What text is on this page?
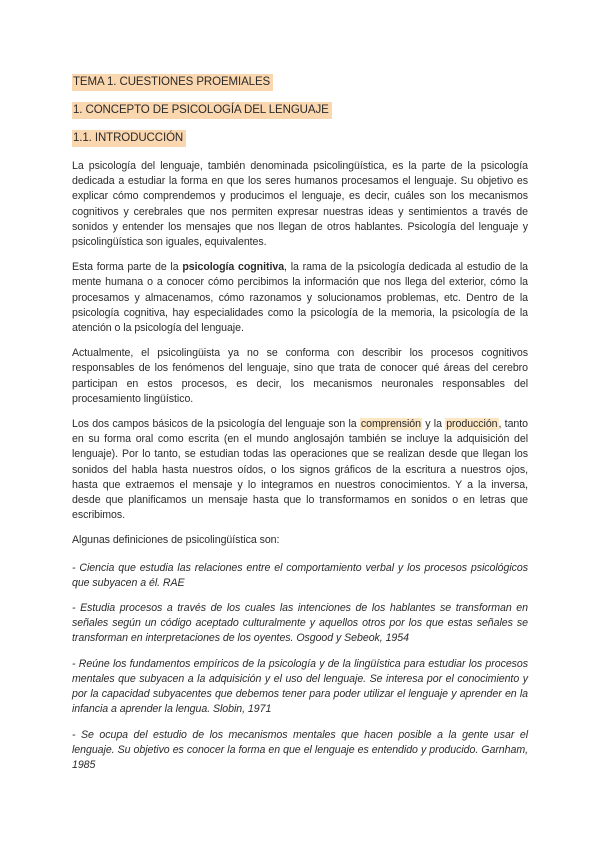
TEMA 1. CUESTIONES PROEMIALES
1. CONCEPTO DE PSICOLOGÍA DEL LENGUAJE
1.1. INTRODUCCIÓN

La psicología del lenguaje, también denominada psicolingüística, es la parte de la psicología dedicada a estudiar la forma en que los seres humanos procesamos el lenguaje. Su objetivo es explicar cómo comprendemos y producimos el lenguaje, es decir, cuáles son los mecanismos cognitivos y cerebrales que nos permiten expresar nuestras ideas y sentimientos a través de sonidos y entender los mensajes que nos llegan de otros hablantes. Psicología del lenguaje y psicolingüística son iguales, equivalentes.

Esta forma parte de la psicología cognitiva, la rama de la psicología dedicada al estudio de la mente humana o a conocer cómo percibimos la información que nos llega del exterior, cómo la procesamos y almacenamos, cómo razonamos y solucionamos problemas, etc. Dentro de la psicología cognitiva, hay especialidades como la psicología de la memoria, la psicología de la atención o la psicología del lenguaje.

Actualmente, el psicolingüista ya no se conforma con describir los procesos cognitivos responsables de los fenómenos del lenguaje, sino que trata de conocer qué áreas del cerebro participan en estos procesos, es decir, los mecanismos neuronales responsables del procesamiento lingüístico.

Los dos campos básicos de la psicología del lenguaje son la comprensión y la producción, tanto en su forma oral como escrita (en el mundo anglosajón también se incluye la adquisición del lenguaje). Por lo tanto, se estudian todas las operaciones que se realizan desde que llegan los sonidos del habla hasta nuestros oídos, o los signos gráficos de la escritura a nuestros ojos, hasta que extraemos el mensaje y lo integramos en nuestros conocimientos. Y a la inversa, desde que planificamos un mensaje hasta que lo transformamos en sonidos o en letras que escribimos.

Algunas definiciones de psicolingüística son:

- Ciencia que estudia las relaciones entre el comportamiento verbal y los procesos psicológicos que subyacen a él. RAE

- Estudia procesos a través de los cuales las intenciones de los hablantes se transforman en señales según un código aceptado culturalmente y aquellos otros por los que estas señales se transforman en interpretaciones de los oyentes. Osgood y Sebeok, 1954

- Reúne los fundamentos empíricos de la psicología y de la lingüística para estudiar los procesos mentales que subyacen a la adquisición y el uso del lenguaje. Se interesa por el conocimiento y por la capacidad subyacentes que debemos tener para poder utilizar el lenguaje y aprender en la infancia a aprender la lengua. Slobin, 1971

- Se ocupa del estudio de los mecanismos mentales que hacen posible a la gente usar el lenguaje. Su objetivo es conocer la forma en que el lenguaje es entendido y producido. Garnham, 1985
